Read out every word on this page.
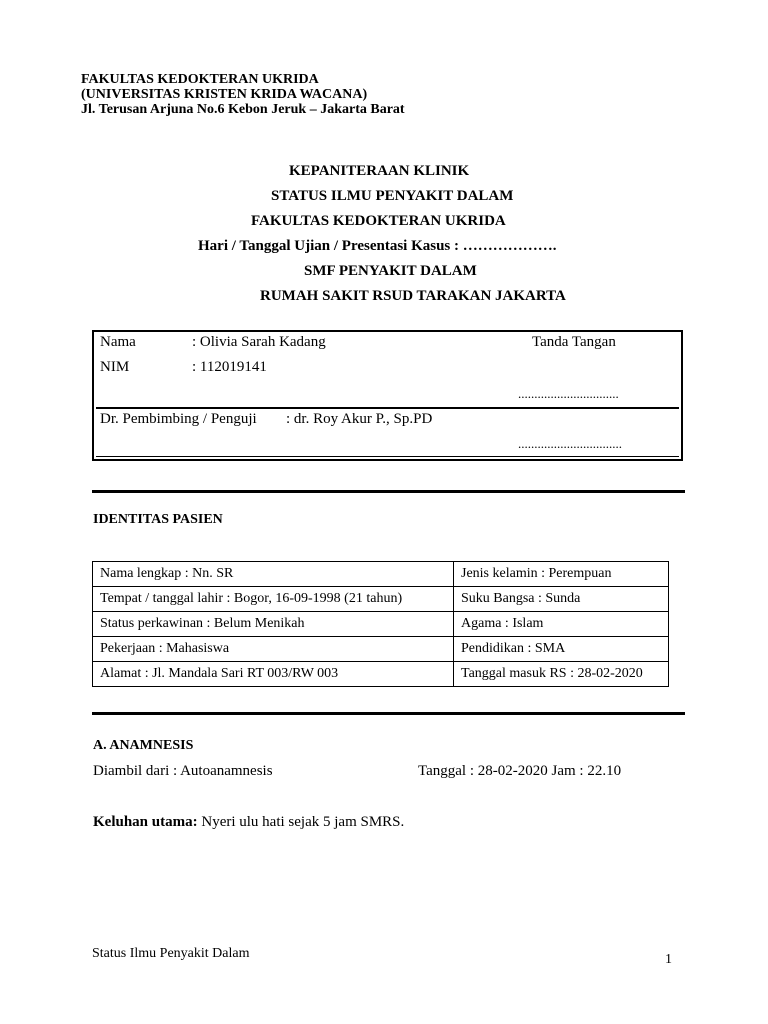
FAKULTAS KEDOKTERAN UKRIDA
(UNIVERSITAS KRISTEN KRIDA WACANA)
Jl. Terusan Arjuna No.6 Kebon Jeruk – Jakarta Barat
KEPANITERAAN KLINIK
STATUS ILMU PENYAKIT DALAM
FAKULTAS KEDOKTERAN UKRIDA
Hari / Tanggal Ujian / Presentasi Kasus : ……………….
SMF PENYAKIT DALAM
RUMAH SAKIT RSUD TARAKAN JAKARTA
Nama	: Olivia Sarah Kadang	Tanda Tangan
NIM	: 112019141
...............................
Dr. Pembimbing / Penguji : dr. Roy Akur P., Sp.PD
................................
IDENTITAS PASIEN
Nama lengkap : Nn. SR	Jenis kelamin : Perempuan
Tempat / tanggal lahir : Bogor, 16-09-1998 (21 tahun)	Suku Bangsa : Sunda
Status perkawinan : Belum Menikah	Agama : Islam
Pekerjaan : Mahasiswa	Pendidikan : SMA
Alamat : Jl. Mandala Sari RT 003/RW 003	Tanggal masuk RS : 28-02-2020
A. ANAMNESIS
Diambil dari : Autoanamnesis	Tanggal : 28-02-2020 Jam : 22.10
Keluhan utama: Nyeri ulu hati sejak 5 jam SMRS.
Status Ilmu Penyakit Dalam	1
